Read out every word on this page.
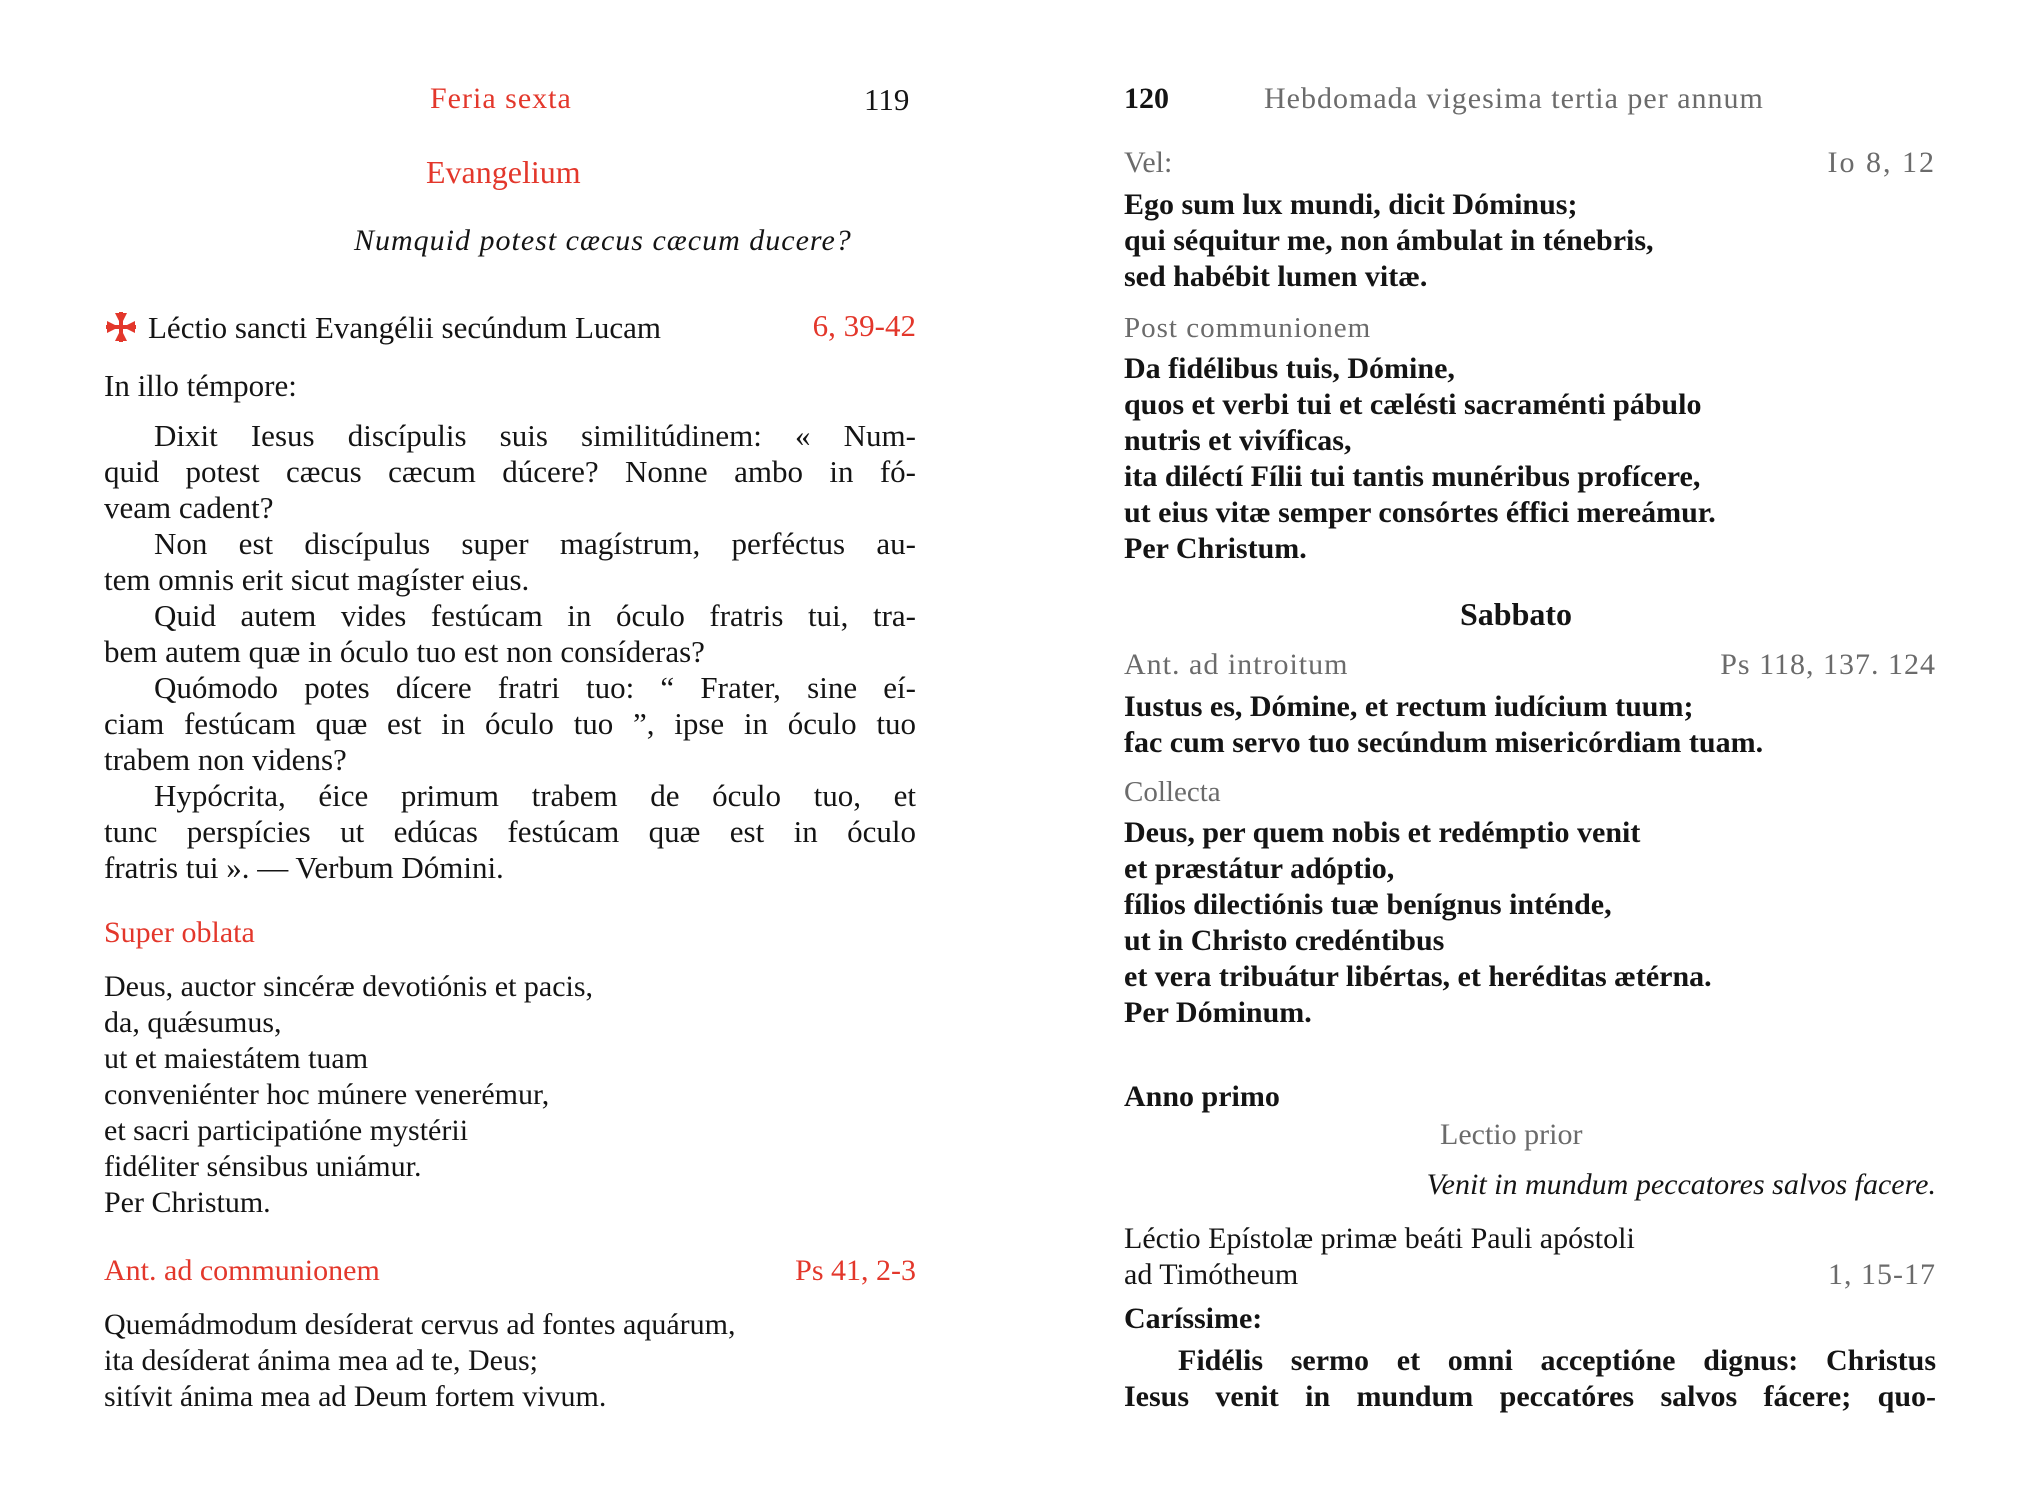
Feria sexta	119
Evangelium
Numquid potest cæcus cæcum ducere?
Léctio sancti Evangélii secúndum Lucam	6, 39-42
In illo témpore:
Dixit Iesus discípulis suis similitúdinem: « Num-
quid potest cæcus cæcum dúcere? Nonne ambo in fó-
veam cadent?
Non est discípulus super magístrum, perféctus au-
tem omnis erit sicut magíster eius.
Quid autem vides festúcam in óculo fratris tui, tra-
bem autem quæ in óculo tuo est non consíderas?
Quómodo potes dícere fratri tuo: “ Frater, sine eí-
ciam festúcam quæ est in óculo tuo ”, ipse in óculo tuo
trabem non videns?
Hypócrita, éice primum trabem de óculo tuo, et
tunc perspícies ut edúcas festúcam quæ est in óculo
fratris tui ». — Verbum Dómini.
Super oblata
Deus, auctor sincéræ devotiónis et pacis,
da, quǽsumus,
ut et maiestátem tuam
conveniénter hoc múnere venerémur,
et sacri participatióne mystérii
fidéliter sénsibus uniámur.
Per Christum.
Ant. ad communionem	Ps 41, 2-3
Quemádmodum desíderat cervus ad fontes aquárum,
ita desíderat ánima mea ad te, Deus;
sitívit ánima mea ad Deum fortem vivum.
120	Hebdomada vigesima tertia per annum
Vel:	Io 8, 12
Ego sum lux mundi, dicit Dóminus;
qui séquitur me, non ámbulat in ténebris,
sed habébit lumen vitæ.
Post communionem
Da fidélibus tuis, Dómine,
quos et verbi tui et cælésti sacraménti pábulo
nutris et vivíficas,
ita diléctí Fílii tui tantis munéribus profícere,
ut eius vitæ semper consórtes éffici mereámur.
Per Christum.
Sabbato
Ant. ad introitum	Ps 118, 137. 124
Iustus es, Dómine, et rectum iudícium tuum;
fac cum servo tuo secúndum misericórdiam tuam.
Collecta
Deus, per quem nobis et redémptio venit
et præstátur adóptio,
fílios dilectiónis tuæ benígnus inténde,
ut in Christo credéntibus
et vera tribuátur libértas, et heréditas ætérna.
Per Dóminum.
Anno primo
Lectio prior
Venit in mundum peccatores salvos facere.
Léctio Epístolæ primæ beáti Pauli apóstoli
ad Timótheum	1, 15-17
Caríssime:
Fidélis sermo et omni acceptióne dignus: Christus
Iesus venit in mundum peccatóres salvos fácere; quo-
